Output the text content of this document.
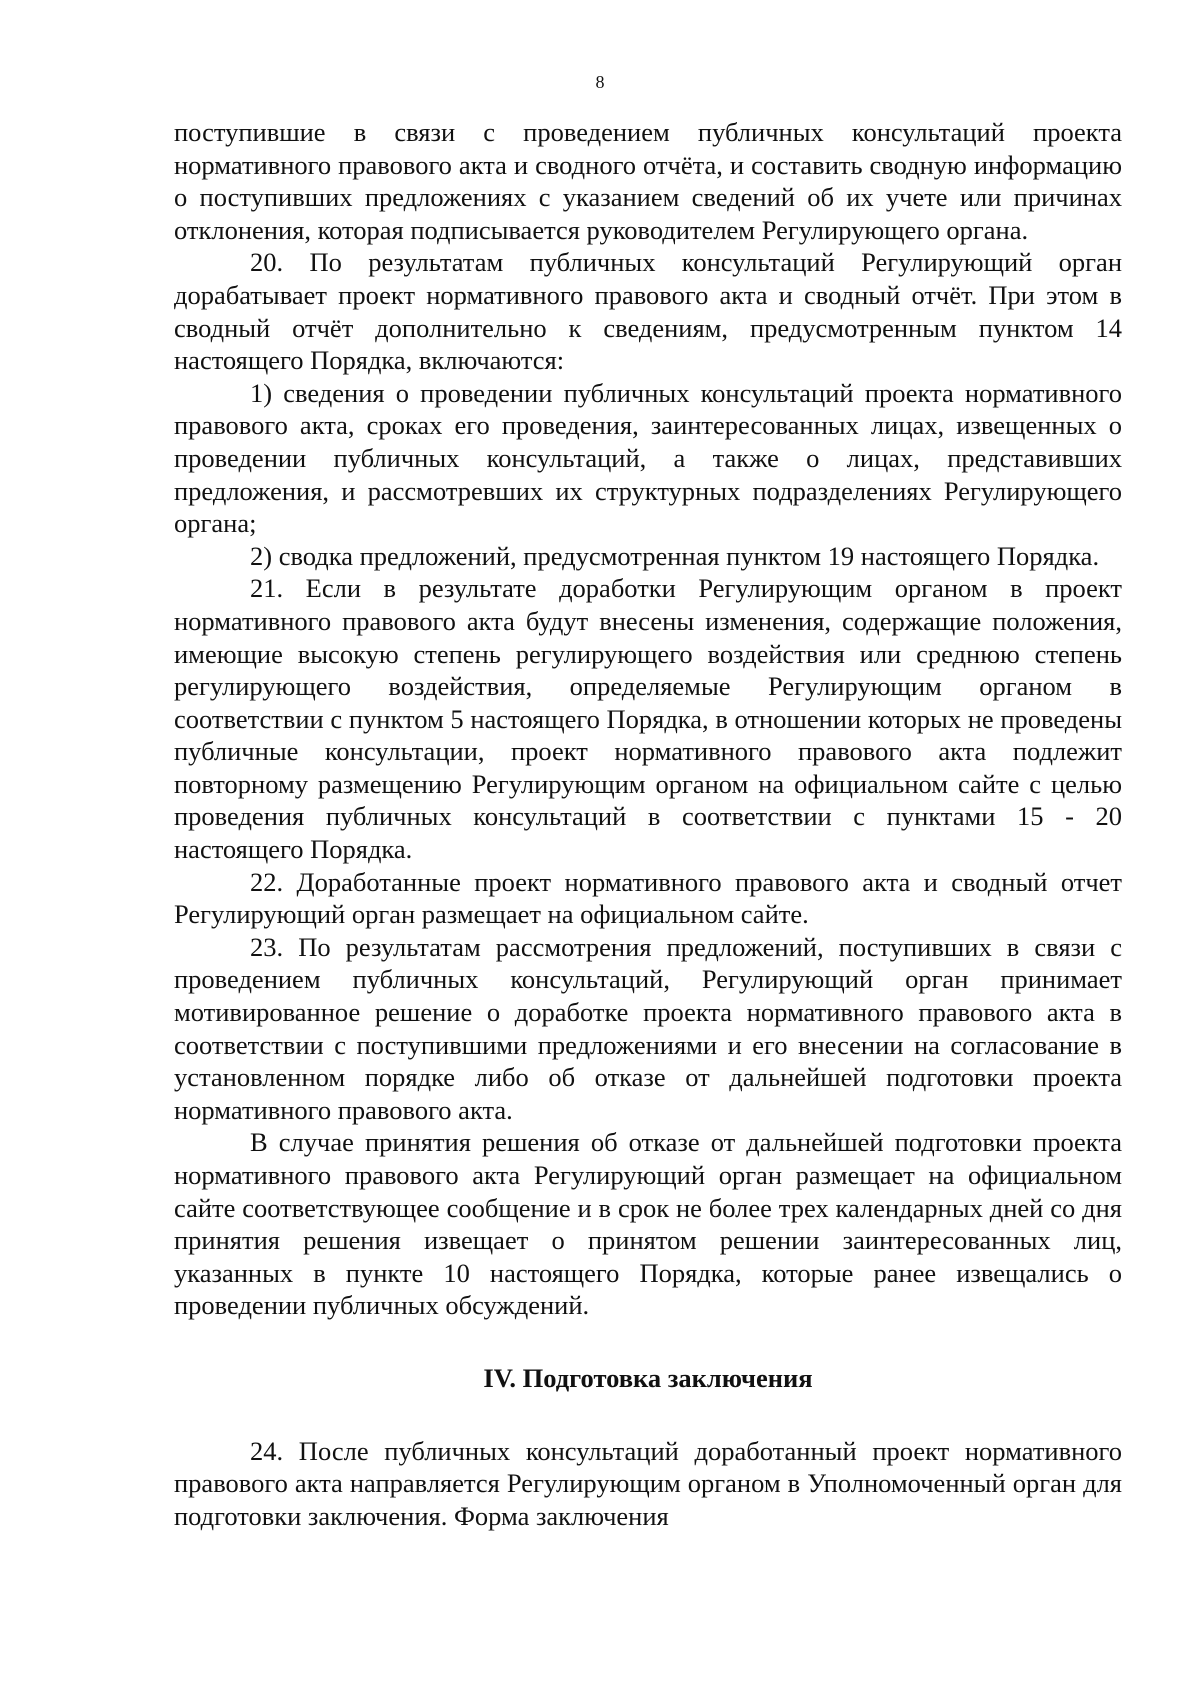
8

поступившие в связи с проведением публичных консультаций проекта нормативного правового акта и сводного отчёта, и составить сводную информацию о поступивших предложениях с указанием сведений об их учете или причинах отклонения, которая подписывается руководителем Регулирующего органа.

20. По результатам публичных консультаций Регулирующий орган дорабатывает проект нормативного правового акта и сводный отчёт. При этом в сводный отчёт дополнительно к сведениям, предусмотренным пунктом 14 настоящего Порядка, включаются:

1) сведения о проведении публичных консультаций проекта нормативного правового акта, сроках его проведения, заинтересованных лицах, извещенных о проведении публичных консультаций, а также о лицах, представивших предложения, и рассмотревших их структурных подразделениях Регулирующего органа;

2) сводка предложений, предусмотренная пунктом 19 настоящего Порядка.

21. Если в результате доработки Регулирующим органом в проект нормативного правового акта будут внесены изменения, содержащие положения, имеющие высокую степень регулирующего воздействия или среднюю степень регулирующего воздействия, определяемые Регулирующим органом в соответствии с пунктом 5 настоящего Порядка, в отношении которых не проведены публичные консультации, проект нормативного правового акта подлежит повторному размещению Регулирующим органом на официальном сайте с целью проведения публичных консультаций в соответствии с пунктами 15 - 20 настоящего Порядка.

22. Доработанные проект нормативного правового акта и сводный отчет Регулирующий орган размещает на официальном сайте.

23. По результатам рассмотрения предложений, поступивших в связи с проведением публичных консультаций, Регулирующий орган принимает мотивированное решение о доработке проекта нормативного правового акта в соответствии с поступившими предложениями и его внесении на согласование в установленном порядке либо об отказе от дальнейшей подготовки проекта нормативного правового акта.

В случае принятия решения об отказе от дальнейшей подготовки проекта нормативного правового акта Регулирующий орган размещает на официальном сайте соответствующее сообщение и в срок не более трех календарных дней со дня принятия решения извещает о принятом решении заинтересованных лиц, указанных в пункте 10 настоящего Порядка, которые ранее извещались о проведении публичных обсуждений.

IV. Подготовка заключения

24. После публичных консультаций доработанный проект нормативного правового акта направляется Регулирующим органом в Уполномоченный орган для подготовки заключения. Форма заключения
